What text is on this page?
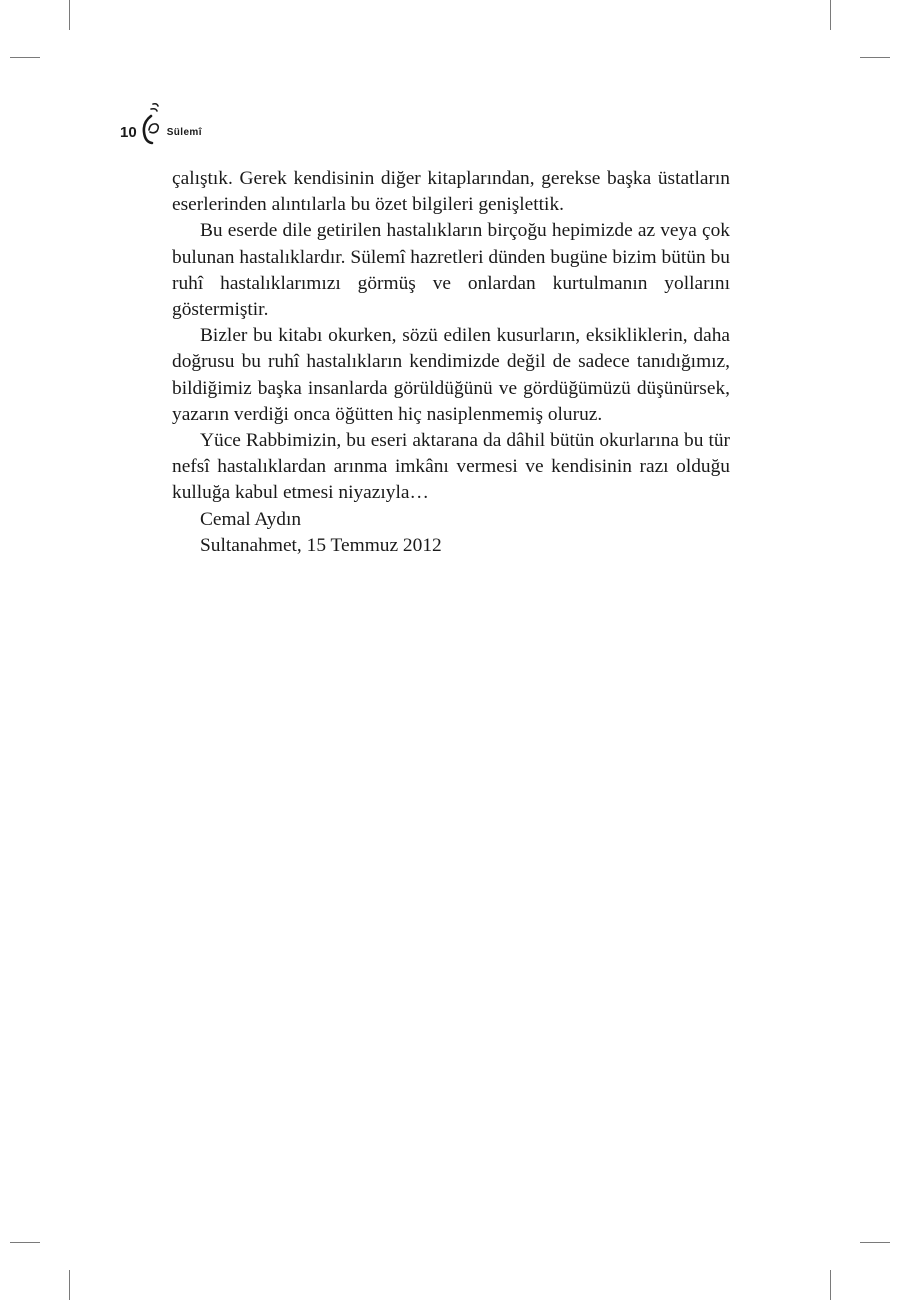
10	Sülemî

çalıştık. Gerek kendisinin diğer kitaplarından, gerekse başka üstatların eserlerinden alıntılarla bu özet bilgileri genişlettik.

Bu eserde dile getirilen hastalıkların birçoğu hepimizde az veya çok bulunan hastalıklardır. Sülemî hazretleri dünden bugüne bizim bütün bu ruhî hastalıklarımızı görmüş ve onlardan kurtulmanın yollarını göstermiştir.

Bizler bu kitabı okurken, sözü edilen kusurların, eksikliklerin, daha doğrusu bu ruhî hastalıkların kendimizde değil de sadece tanıdığımız, bildiğimiz başka insanlarda görüldüğünü ve gördüğümüzü düşünürsek, yazarın verdiği onca öğütten hiç nasiplenmemiş oluruz.

Yüce Rabbimizin, bu eseri aktarana da dâhil bütün okurlarına bu tür nefsî hastalıklardan arınma imkânı vermesi ve kendisinin razı olduğu kulluğa kabul etmesi niyazıyla…

Cemal Aydın

Sultanahmet, 15 Temmuz 2012
